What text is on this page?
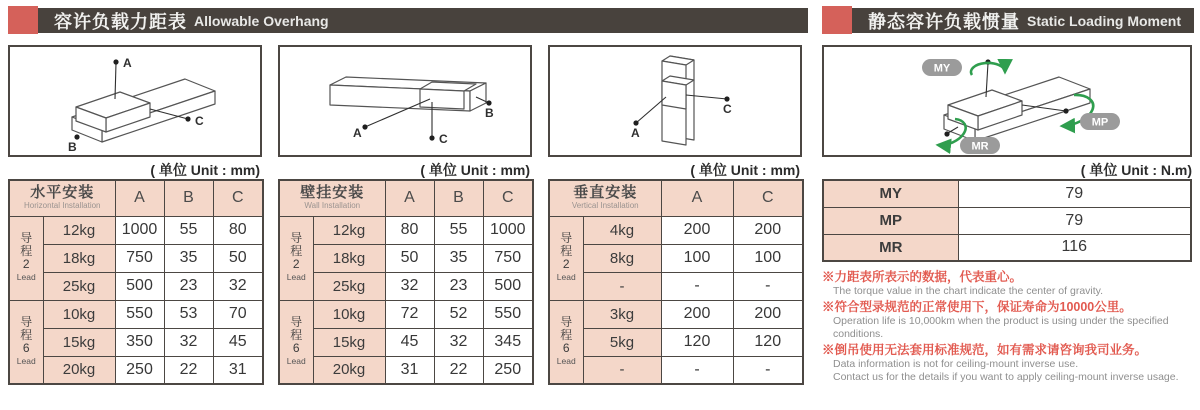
容许负载力距表 Allowable Overhang
A
B
C
( 单位 Unit : mm)
水平安装
Horizontal Installation		A	B	C

导
程
2
Lead	12kg	1000	55	80
	18kg	750	35	50
	25kg	500	23	32

导
程
6
Lead	10kg	550	53	70
	15kg	350	32	45
	20kg	250	22	31
A
B
C
( 单位 Unit : mm)
壁挂安装
Wall Installation		A	B	C

导
程
2
Lead	12kg	80	55	1000
	18kg	50	35	750
	25kg	32	23	500

导
程
6
Lead	10kg	72	52	550
	15kg	45	32	345
	20kg	31	22	250
A
C
( 单位 Unit : mm)
垂直安装
Vertical Installation		A	C

导
程
2
Lead	4kg	200	200
	8kg	100	100
	-	-	-

导
程
6
Lead	3kg	200	200
	5kg	120	120
	-	-	-
静态容许负载惯量 Static Loading Moment
MY
MP
MR
( 单位 Unit : N.m)
MY	79
MP	79
MR	116
※力距表所表示的数据，代表重心。
The torque value in the chart indicate the center of gravity.
※符合型录规范的正常使用下，保证寿命为10000公里。
Operation life is 10,000km when the product is using under the specified conditions.
※倒吊使用无法套用标准规范，如有需求请咨询我司业务。
Data information is not for ceiling-mount inverse use.
Contact us for the details if you want to apply ceiling-mount inverse usage.
